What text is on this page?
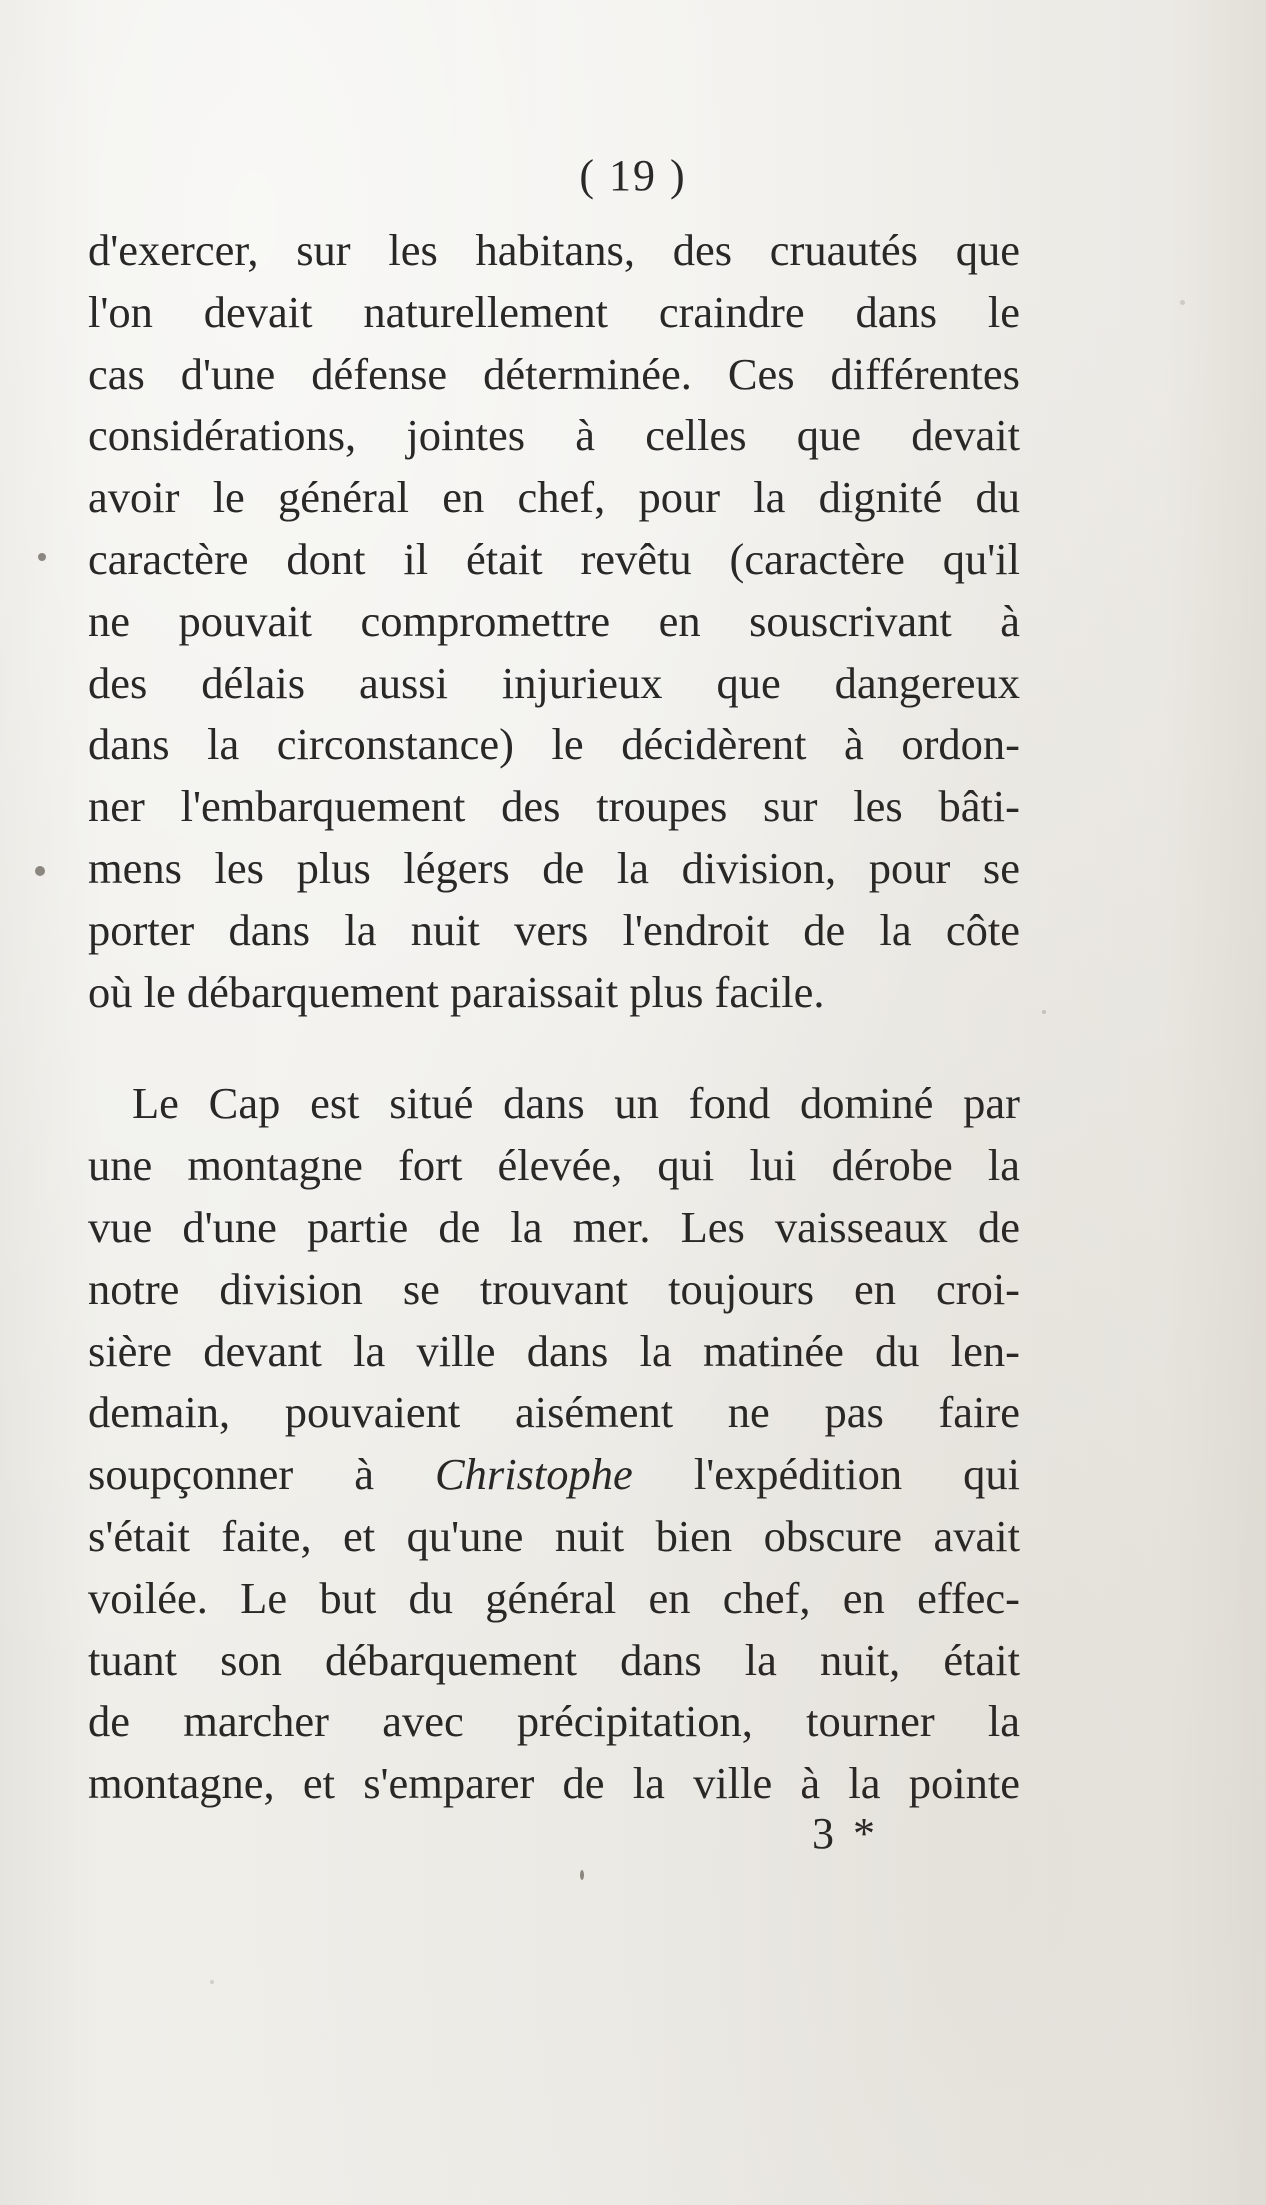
( 19 )
d'exercer, sur les habitans, des cruautés que
l'on devait naturellement craindre dans le
cas d'une défense déterminée. Ces différentes
considérations, jointes à celles que devait
avoir le général en chef, pour la dignité du
caractère dont il était revêtu (caractère qu'il
ne pouvait compromettre en souscrivant à
des délais aussi injurieux que dangereux
dans la circonstance) le décidèrent à ordon-
ner l'embarquement des troupes sur les bâti-
mens les plus légers de la division, pour se
porter dans la nuit vers l'endroit de la côte
où le débarquement paraissait plus facile.
Le Cap est situé dans un fond dominé par
une montagne fort élevée, qui lui dérobe la
vue d'une partie de la mer. Les vaisseaux de
notre division se trouvant toujours en croi-
sière devant la ville dans la matinée du len-
demain, pouvaient aisément ne pas faire
soupçonner à Christophe l'expédition qui
s'était faite, et qu'une nuit bien obscure avait
voilée. Le but du général en chef, en effec-
tuant son débarquement dans la nuit, était
de marcher avec précipitation, tourner la
montagne, et s'emparer de la ville à la pointe
3 *
